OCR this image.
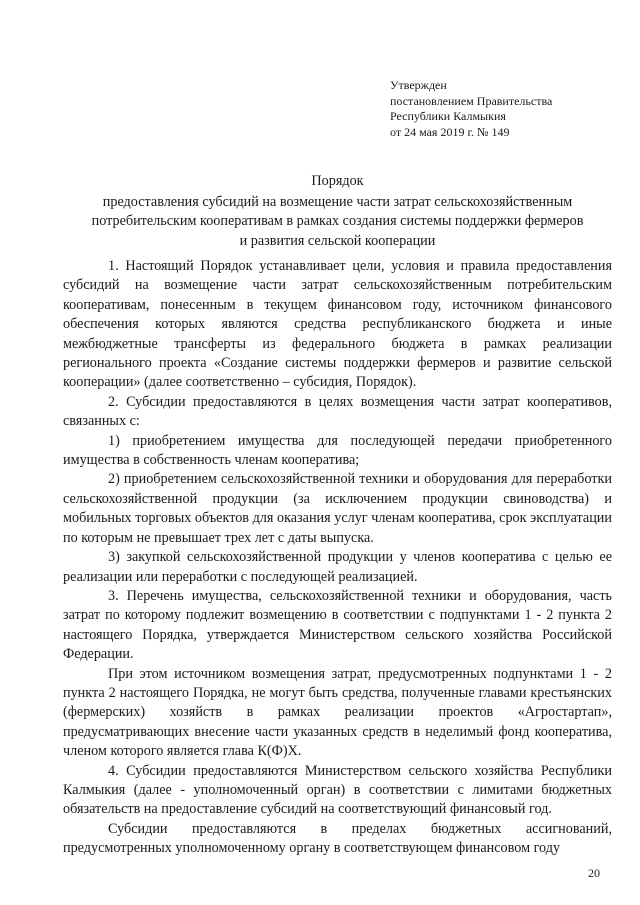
Утвержден
постановлением Правительства
Республики Калмыкия
от 24 мая 2019 г. № 149
Порядок
предоставления субсидий на возмещение части затрат сельскохозяйственным
потребительским кооперативам в рамках создания системы поддержки фермеров
и развития сельской кооперации

1. Настоящий Порядок устанавливает цели, условия и правила предоставления субсидий на возмещение части затрат сельскохозяйственным потребительским кооперативам, понесенным в текущем финансовом году, источником финансового обеспечения которых являются средства республиканского бюджета и иные межбюджетные трансферты из федерального бюджета в рамках реализации регионального проекта «Создание системы поддержки фермеров и развитие сельской кооперации» (далее соответственно – субсидия, Порядок).

2. Субсидии предоставляются в целях возмещения части затрат кооперативов, связанных с:

1) приобретением имущества для последующей передачи приобретенного имущества в собственность членам кооператива;

2) приобретением сельскохозяйственной техники и оборудования для переработки сельскохозяйственной продукции (за исключением продукции свиноводства) и мобильных торговых объектов для оказания услуг членам кооператива, срок эксплуатации по которым не превышает трех лет с даты выпуска.

3) закупкой сельскохозяйственной продукции у членов кооператива с целью ее реализации или переработки с последующей реализацией.

3. Перечень имущества, сельскохозяйственной техники и оборудования, часть затрат по которому подлежит возмещению в соответствии с подпунктами 1 - 2 пункта 2 настоящего Порядка, утверждается Министерством сельского хозяйства Российской Федерации.

При этом источником возмещения затрат, предусмотренных подпунктами 1 - 2 пункта 2 настоящего Порядка, не могут быть средства, полученные главами крестьянских (фермерских) хозяйств в рамках реализации проектов «Агростартап», предусматривающих внесение части указанных средств в неделимый фонд кооператива, членом которого является глава К(Ф)Х.

4. Субсидии предоставляются Министерством сельского хозяйства Республики Калмыкия (далее - уполномоченный орган) в соответствии с лимитами бюджетных обязательств на предоставление субсидий на соответствующий финансовый год.

Субсидии предоставляются в пределах бюджетных ассигнований, предусмотренных уполномоченному органу в соответствующем финансовом году

20
